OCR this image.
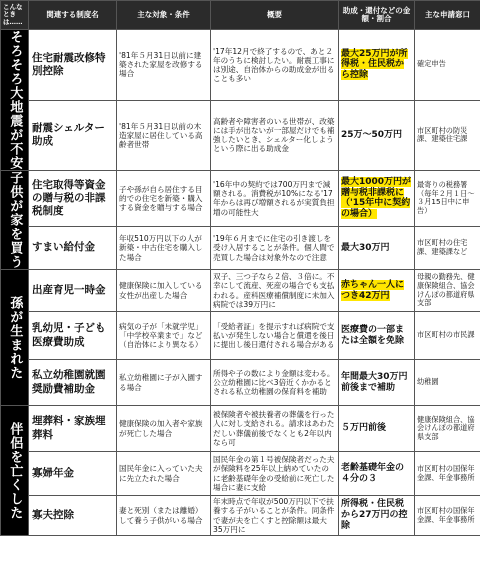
こんなときは……	関連する制度名	主な対象・条件	概要	助成・還付などの金額・割合	主な申請窓口
そろそろ大地震が不安	住宅耐震改修特別控除	'81年５月31日以前に建築された家屋を改修する場合	'17年12月で終了するので、あと２年のうちに検討したい。耐震工事には別途、自治体からの助成金が出ることも多い	最大25万円が所得税・住民税から控除	確定申告
	耐震シェルター助成	'81年５月31日以前の木造家屋に居住している高齢者世帯	高齢者や障害者のいる世帯が、改築には手が出ないが一部屋だけでも補強したいとき、シェルター化しようという際に出る助成金	25万〜50万円	市区町村の防災課、建築住宅課
子供が家を買う	住宅取得等資金の贈与税の非課税制度	子や孫が自ら居住する目的での住宅を新築・購入する資金を贈与する場合	'16年中の契約では700万円まで減額される。消費税が10%になる'17年からは再び増額されるが実質負担増の可能性大	最大1000万円が贈与税非課税に（'15年中に契約の場合）	最寄りの税務署（毎年２月１日〜３月15日中に申告）
	すまい給付金	年収510万円以下の人が新築・中古住宅を購入した場合	'19年６月までに住宅の引き渡しを受け入居することが条件。個人間で売買した場合は対象外なので注意	最大30万円	市区町村の住宅課、建築課など
孫が生まれた	出産育児一時金	健康保険に加入している女性が出産した場合	双子、三つ子なら２倍、３倍に。不幸にして流産、死産の場合でも支払われる。産科医療補償制度に未加入病院では39万円に	赤ちゃん一人につき42万円	母親の勤務先、健康保険組合、協会けんぽの都道府県支部
	乳幼児・子ども医療費助成	病気の子が「未就学児」「中学校卒業まで」など（自治体により異なる）	「受給者証」を提示すれば病院で支払いが発生しない場合と償還を後日に提出し後日還付される場合がある	医療費の一部または全額を免除	市区町村の市民課
	私立幼稚園就園奨励費補助金	私立幼稚園に子が入園する場合	所得や子の数により金額は変わる。公立幼稚園に比べ3倍近くかかるとされる私立幼稚園の保育料を補助	年間最大30万円前後まで補助	幼稚園
伴侶を亡くした	埋葬料・家族埋葬料	健康保険の加入者や家族が死亡した場合	被保険者や被扶養者の葬儀を行った人に対し支給される。請求はあわただしい葬儀前後でなくとも2年以内なら可	５万円前後	健康保険組合、協会けんぽの都道府県支部
	寡婦年金	国民年金に入っていた夫に先立たれた場合	国民年金の第１号被保険者だった夫が保険料を25年以上納めていたのに老齢基礎年金の受給前に死亡した場合に妻に支給	老齢基礎年金の４分の３	市区町村の国保年金課、年金事務所
	寡夫控除	妻と死別（または離婚）して養う子供がいる場合	年末時点で年収が500万円以下で扶養する子がいることが条件。同条件で妻が夫を亡くすと控除額は最大35万円に	所得税・住民税から27万円の控除	市区町村の国保年金課、年金事務所
